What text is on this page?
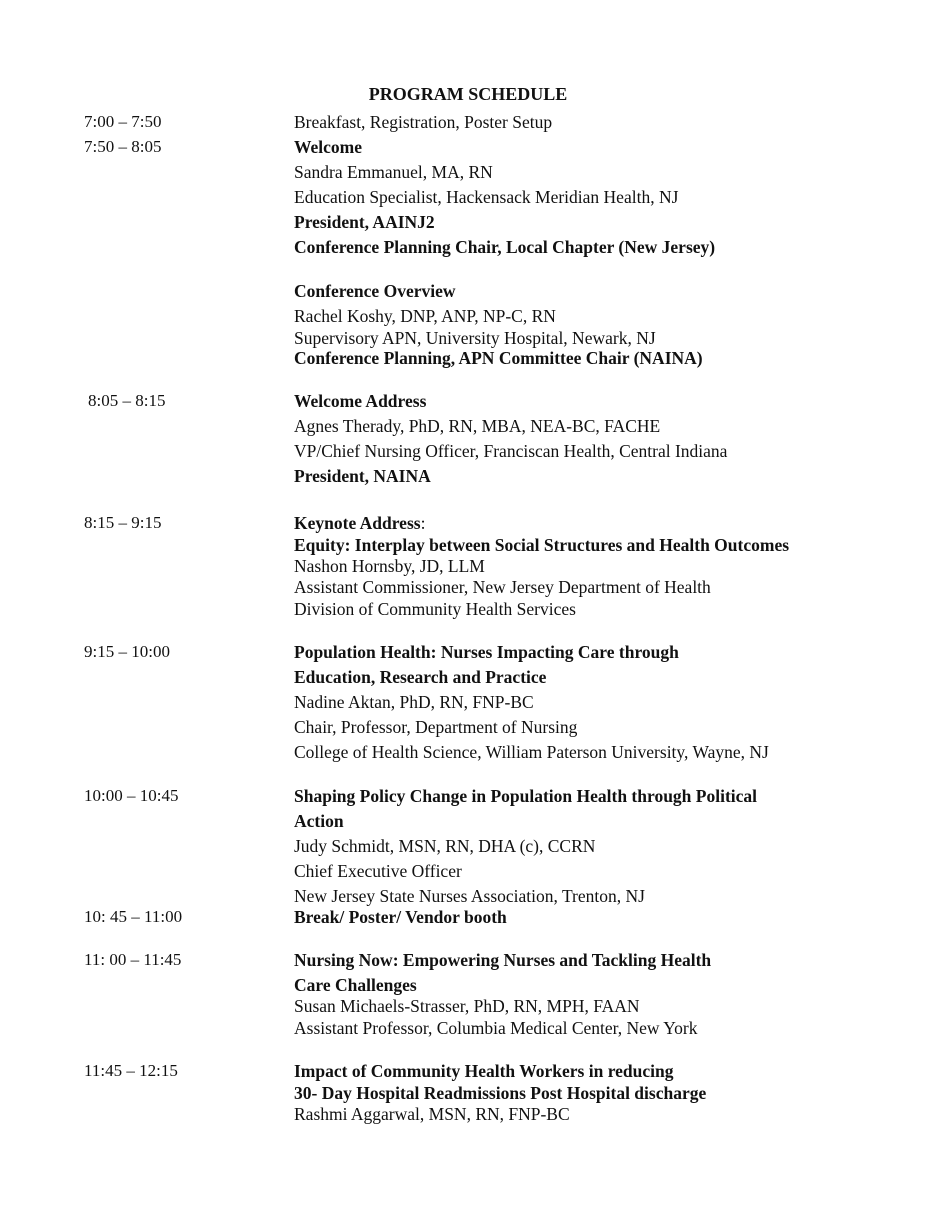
PROGRAM SCHEDULE
7:00 – 7:50	Breakfast, Registration, Poster Setup
7:50 – 8:05	Welcome
Sandra Emmanuel, MA, RN
Education Specialist, Hackensack Meridian Health, NJ
President, AAINJ2
Conference Planning Chair, Local Chapter (New Jersey)
Conference Overview
Rachel Koshy, DNP, ANP, NP-C, RN
Supervisory APN, University Hospital, Newark, NJ
Conference Planning, APN Committee Chair (NAINA)
8:05 – 8:15	Welcome Address
Agnes Therady, PhD, RN, MBA, NEA-BC, FACHE
VP/Chief Nursing Officer, Franciscan Health, Central Indiana
President, NAINA
8:15 – 9:15	Keynote Address:
Equity: Interplay between Social Structures and Health Outcomes
Nashon Hornsby, JD, LLM
Assistant Commissioner, New Jersey Department of Health
Division of Community Health Services
9:15 – 10:00	Population Health: Nurses Impacting Care through
Education, Research and Practice
Nadine Aktan, PhD, RN, FNP-BC
Chair, Professor, Department of Nursing
College of Health Science, William Paterson University, Wayne, NJ
10:00 – 10:45	Shaping Policy Change in Population Health through Political
Action
Judy Schmidt, MSN, RN, DHA (c), CCRN
Chief Executive Officer
New Jersey State Nurses Association, Trenton, NJ
10: 45 – 11:00	Break/ Poster/ Vendor booth
11: 00 – 11:45	Nursing Now: Empowering Nurses and Tackling Health
Care Challenges
Susan Michaels-Strasser, PhD, RN, MPH, FAAN
Assistant Professor, Columbia Medical Center, New York
11:45 – 12:15	Impact of Community Health Workers in reducing
30- Day Hospital Readmissions Post Hospital discharge
Rashmi Aggarwal, MSN, RN, FNP-BC
